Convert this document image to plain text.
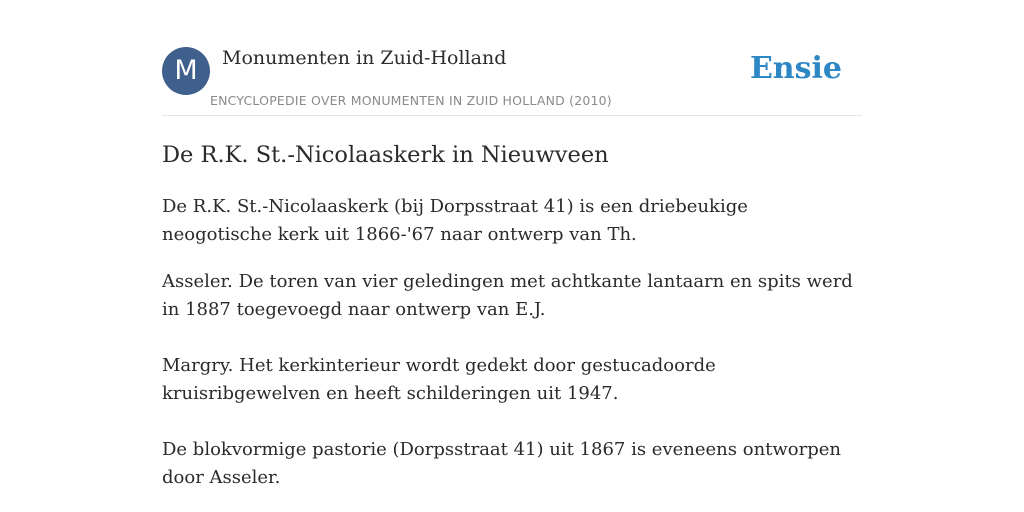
M	Monumenten in Zuid-Holland
ENCYCLOPEDIE OVER MONUMENTEN IN ZUID HOLLAND (2010)
Ensie
De R.K. St.-Nicolaaskerk in Nieuwveen

De R.K. St.-Nicolaaskerk (bij Dorpsstraat 41) is een driebeukige neogotische kerk uit 1866-'67 naar ontwerp van Th.

Asseler. De toren van vier geledingen met achtkante lantaarn en spits werd in 1887 toegevoegd naar ontwerp van E.J.

Margry. Het kerkinterieur wordt gedekt door gestucadoorde kruisribgewelven en heeft schilderingen uit 1947.

De blokvormige pastorie (Dorpsstraat 41) uit 1867 is eveneens ontworpen door Asseler.
